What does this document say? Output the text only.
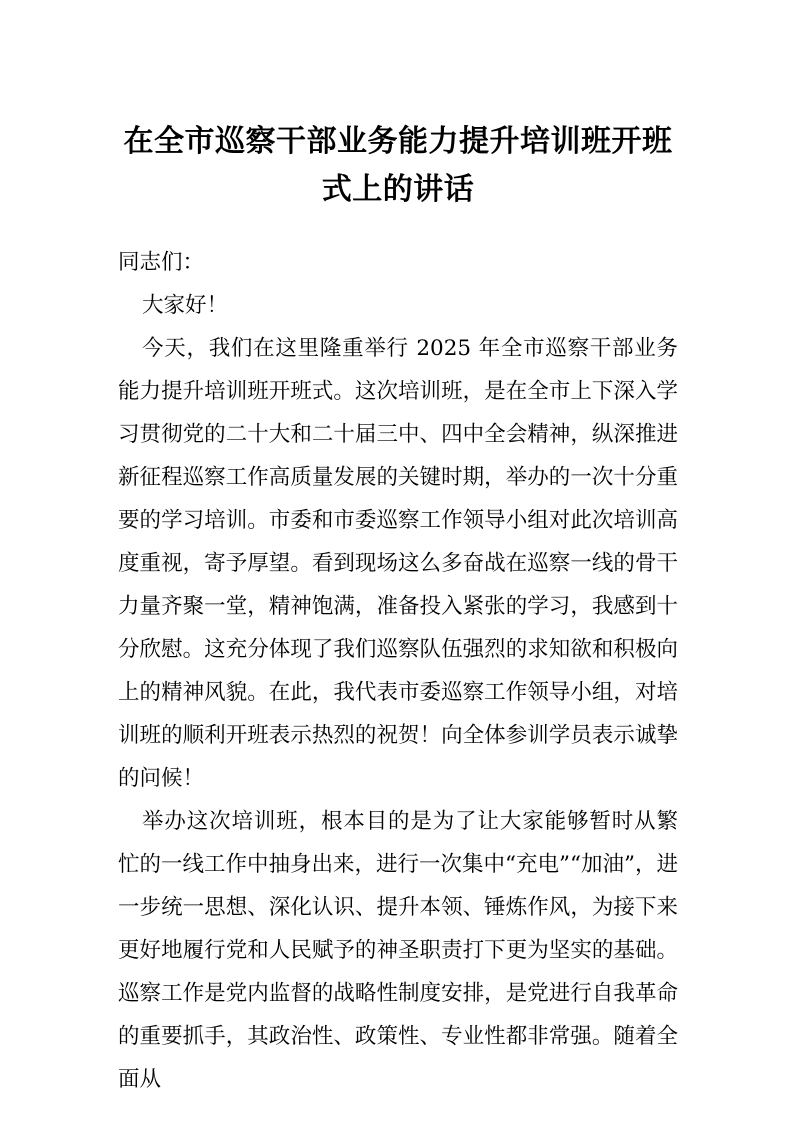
在全市巡察干部业务能力提升培训班开班
式上的讲话

同志们：

大家好！

今天，我们在这里隆重举行 2025 年全市巡察干部业务能力提升培训班开班式。这次培训班，是在全市上下深入学习贯彻党的二十大和二十届三中、四中全会精神，纵深推进新征程巡察工作高质量发展的关键时期，举办的一次十分重要的学习培训。市委和市委巡察工作领导小组对此次培训高度重视，寄予厚望。看到现场这么多奋战在巡察一线的骨干力量齐聚一堂，精神饱满，准备投入紧张的学习，我感到十分欣慰。这充分体现了我们巡察队伍强烈的求知欲和积极向上的精神风貌。在此，我代表市委巡察工作领导小组，对培训班的顺利开班表示热烈的祝贺！向全体参训学员表示诚挚的问候！

举办这次培训班，根本目的是为了让大家能够暂时从繁忙的一线工作中抽身出来，进行一次集中“充电”“加油”，进一步统一思想、深化认识、提升本领、锤炼作风，为接下来更好地履行党和人民赋予的神圣职责打下更为坚实的基础。巡察工作是党内监督的战略性制度安排，是党进行自我革命的重要抓手，其政治性、政策性、专业性都非常强。随着全面从
